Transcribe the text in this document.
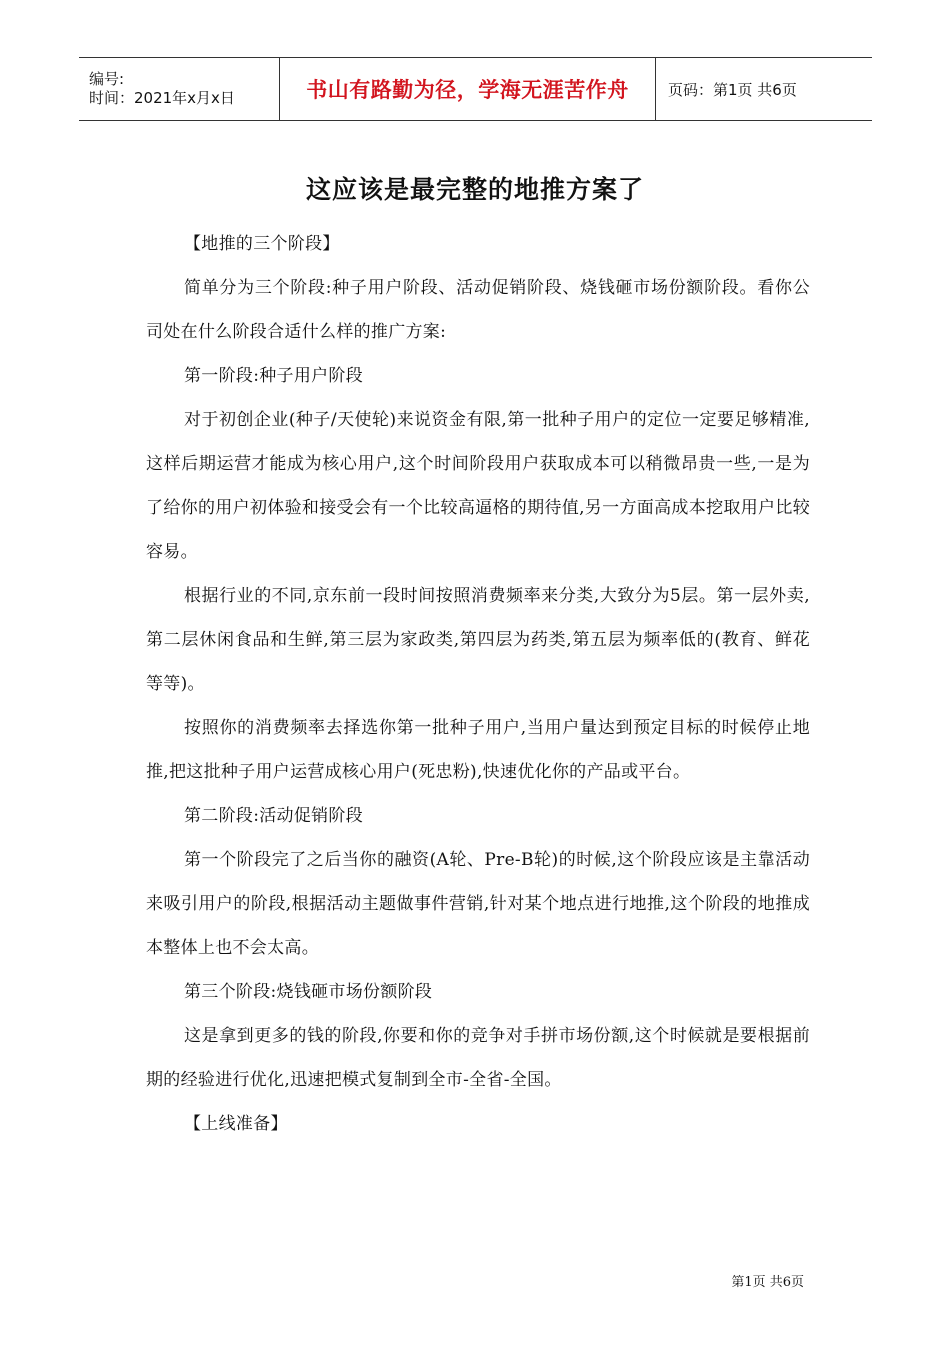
编号:
时间：2021年x月x日	书山有路勤为径，学海无涯苦作舟	页码：第1页 共6页
这应该是最完整的地推方案了

【地推的三个阶段】

简单分为三个阶段:种子用户阶段、活动促销阶段、烧钱砸市场份额阶段。看你公司处在什么阶段合适什么样的推广方案:

第一阶段:种子用户阶段

对于初创企业(种子/天使轮)来说资金有限,第一批种子用户的定位一定要足够精准,这样后期运营才能成为核心用户,这个时间阶段用户获取成本可以稍微昂贵一些,一是为了给你的用户初体验和接受会有一个比较高逼格的期待值,另一方面高成本挖取用户比较容易。

根据行业的不同,京东前一段时间按照消费频率来分类,大致分为5层。第一层外卖,第二层休闲食品和生鲜,第三层为家政类,第四层为药类,第五层为频率低的(教育、鲜花等等)。

按照你的消费频率去择选你第一批种子用户,当用户量达到预定目标的时候停止地推,把这批种子用户运营成核心用户(死忠粉),快速优化你的产品或平台。

第二阶段:活动促销阶段

第一个阶段完了之后当你的融资(A轮、Pre-B轮)的时候,这个阶段应该是主靠活动来吸引用户的阶段,根据活动主题做事件营销,针对某个地点进行地推,这个阶段的地推成本整体上也不会太高。

第三个阶段:烧钱砸市场份额阶段

这是拿到更多的钱的阶段,你要和你的竞争对手拼市场份额,这个时候就是要根据前期的经验进行优化,迅速把模式复制到全市-全省-全国。

【上线准备】

第1页 共6页
